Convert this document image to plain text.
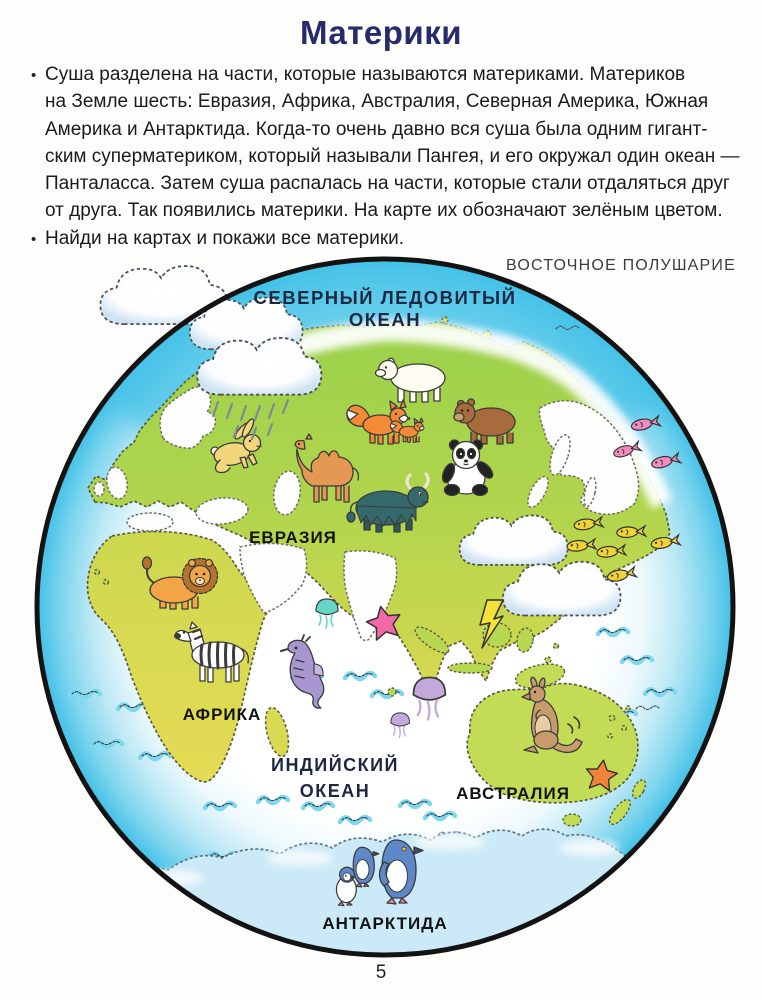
Материки
• Суша разделена на части, которые называются материками. Материков
на Земле шесть: Евразия, Африка, Австралия, Северная Америка, Южная
Америка и Антарктида. Когда-то очень давно вся суша была одним гигант-
ским суперматериком, который называли Пангея, и его окружал один океан —
Панталасса. Затем суша распалась на части, которые стали отдаляться друг
от друга. Так появились материки. На карте их обозначают зелёным цветом.
• Найди на картах и покажи все материки.
ВОСТОЧНОЕ ПОЛУШАРИЕ
СЕВЕРНЫЙ ЛЕДОВИТЫЙ
ОКЕАН
ЕВРАЗИЯ
АФРИКА
ИНДИЙСКИЙ
ОКЕАН	АВСТРАЛИЯ
АНТАРКТИДА
5
